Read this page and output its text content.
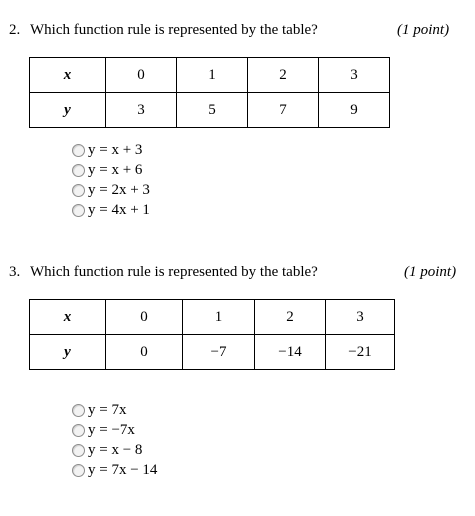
2. Which function rule is represented by the table?	(1 point)
x	0	1	2	3
y	3	5	7	9
y = x + 3
y = x + 6
y = 2x + 3
y = 4x + 1
3. Which function rule is represented by the table?	(1 point)
x	0	1	2	3
y	0	−7	−14	−21
y = 7x
y = −7x
y = x − 8
y = 7x − 14
